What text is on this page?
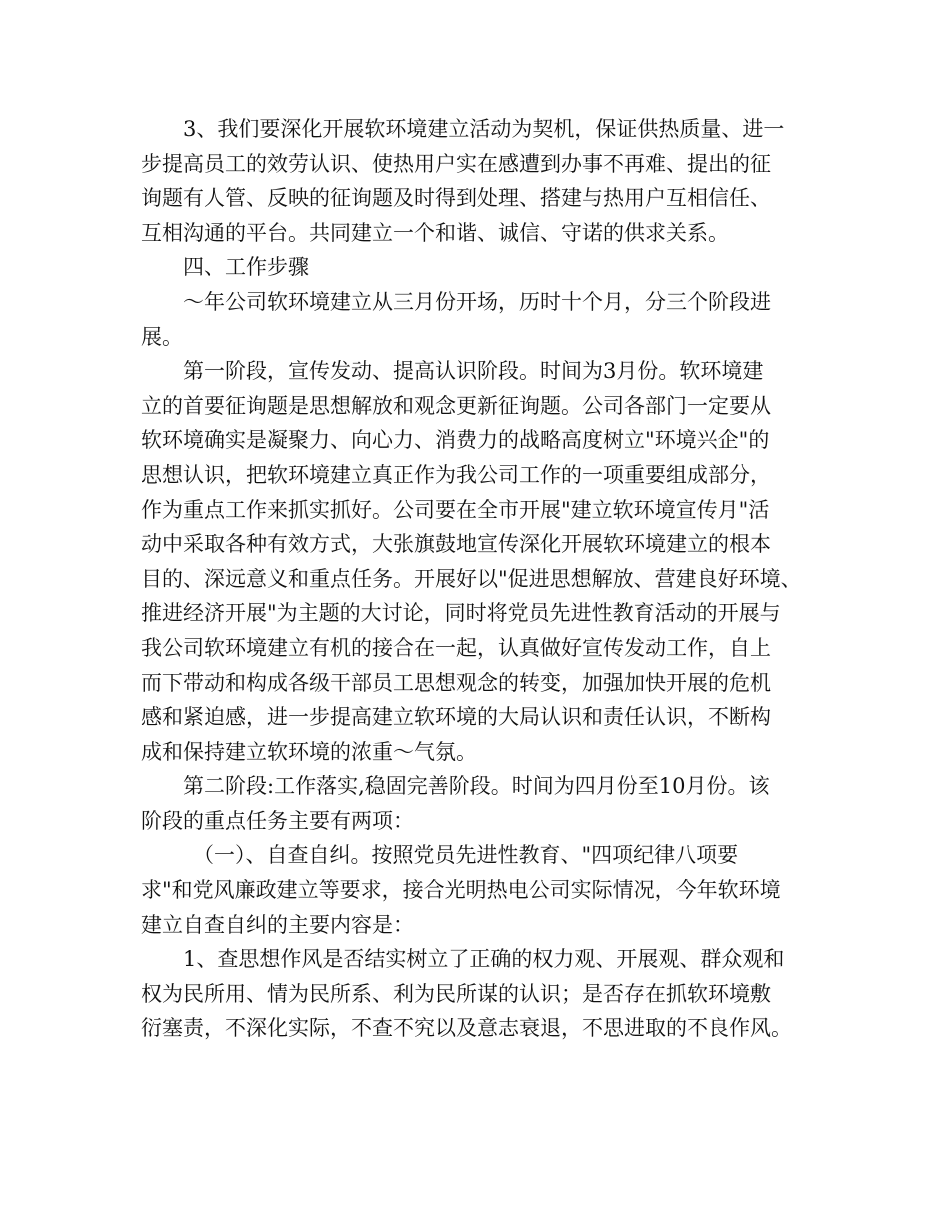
3、我们要深化开展软环境建立活动为契机，保证供热质量、进一
步提高员工的效劳认识、使热用户实在感遭到办事不再难、提出的征
询题有人管、反映的征询题及时得到处理、搭建与热用户互相信任、
互相沟通的平台。共同建立一个和谐、诚信、守诺的供求关系。
四、工作步骤
～年公司软环境建立从三月份开场，历时十个月，分三个阶段进
展。
第一阶段，宣传发动、提高认识阶段。时间为3月份。软环境建
立的首要征询题是思想解放和观念更新征询题。公司各部门一定要从
软环境确实是凝聚力、向心力、消费力的战略高度树立"环境兴企"的
思想认识，把软环境建立真正作为我公司工作的一项重要组成部分，
作为重点工作来抓实抓好。公司要在全市开展"建立软环境宣传月"活
动中采取各种有效方式，大张旗鼓地宣传深化开展软环境建立的根本
目的、深远意义和重点任务。开展好以"促进思想解放、营建良好环境、
推进经济开展"为主题的大讨论，同时将党员先进性教育活动的开展与
我公司软环境建立有机的接合在一起，认真做好宣传发动工作，自上
而下带动和构成各级干部员工思想观念的转变，加强加快开展的危机
感和紧迫感，进一步提高建立软环境的大局认识和责任认识，不断构
成和保持建立软环境的浓重～气氛。
第二阶段:工作落实,稳固完善阶段。时间为四月份至10月份。该
阶段的重点任务主要有两项：
（一）、自查自纠。按照党员先进性教育、"四项纪律八项要
求"和党风廉政建立等要求，接合光明热电公司实际情况，今年软环境
建立自查自纠的主要内容是：
1、查思想作风是否结实树立了正确的权力观、开展观、群众观和
权为民所用、情为民所系、利为民所谋的认识；是否存在抓软环境敷
衍塞责，不深化实际，不查不究以及意志衰退，不思进取的不良作风。
